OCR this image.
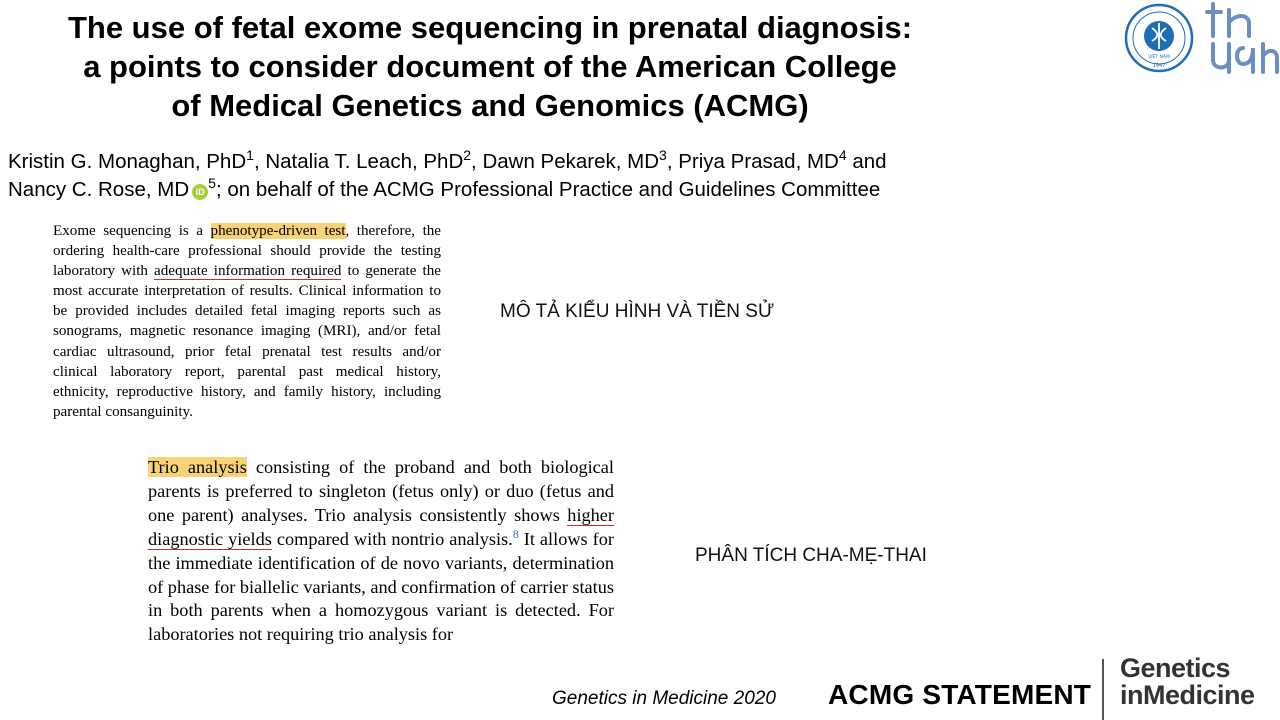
The use of fetal exome sequencing in prenatal diagnosis:
a points to consider document of the American College
of Medical Genetics and Genomics (ACMG)
Kristin G. Monaghan, PhD$^1$, Natalia T. Leach, PhD$^2$, Dawn Pekarek, $MD^3$, Priya Prasad, $MD^4$ and
Nancy C. Rose, MD $iD^5$; on behalf of the ACMG Professional Practice and Guidelines Committee
Exome sequencing is a phenotype-driven test, therefore, the ordering health-care professional should provide the testing laboratory with adequate information required to generate the most accurate interpretation of results. Clinical information to be provided includes detailed fetal imaging reports such as sonograms, magnetic resonance imaging (MRI), and/or fetal cardiac ultrasound, prior fetal prenatal test results and/or clinical laboratory report, parental past medical history, ethnicity, reproductive history, and family history, including parental consanguinity.
MÔ TẢ KIỂU HÌNH VÀ TIỀN SỬ
Trio analysis consisting of the proband and both biological parents is preferred to singleton (fetus only) or duo (fetus and one parent) analyses. Trio analysis consistently shows higher diagnostic yields compared with nontrio analysis.$^8$ It allows for the immediate identification of de novo variants, determination of phase for biallelic variants, and confirmation of carrier status in both parents when a homozygous variant is detected. For laboratories not requiring trio analysis for
PHÂN TÍCH CHA-MẸ-THAI
Genetics in Medicine 2020 ACMG STATEMENT
Genetics
inMedicine
VIỆT NAM
1947
